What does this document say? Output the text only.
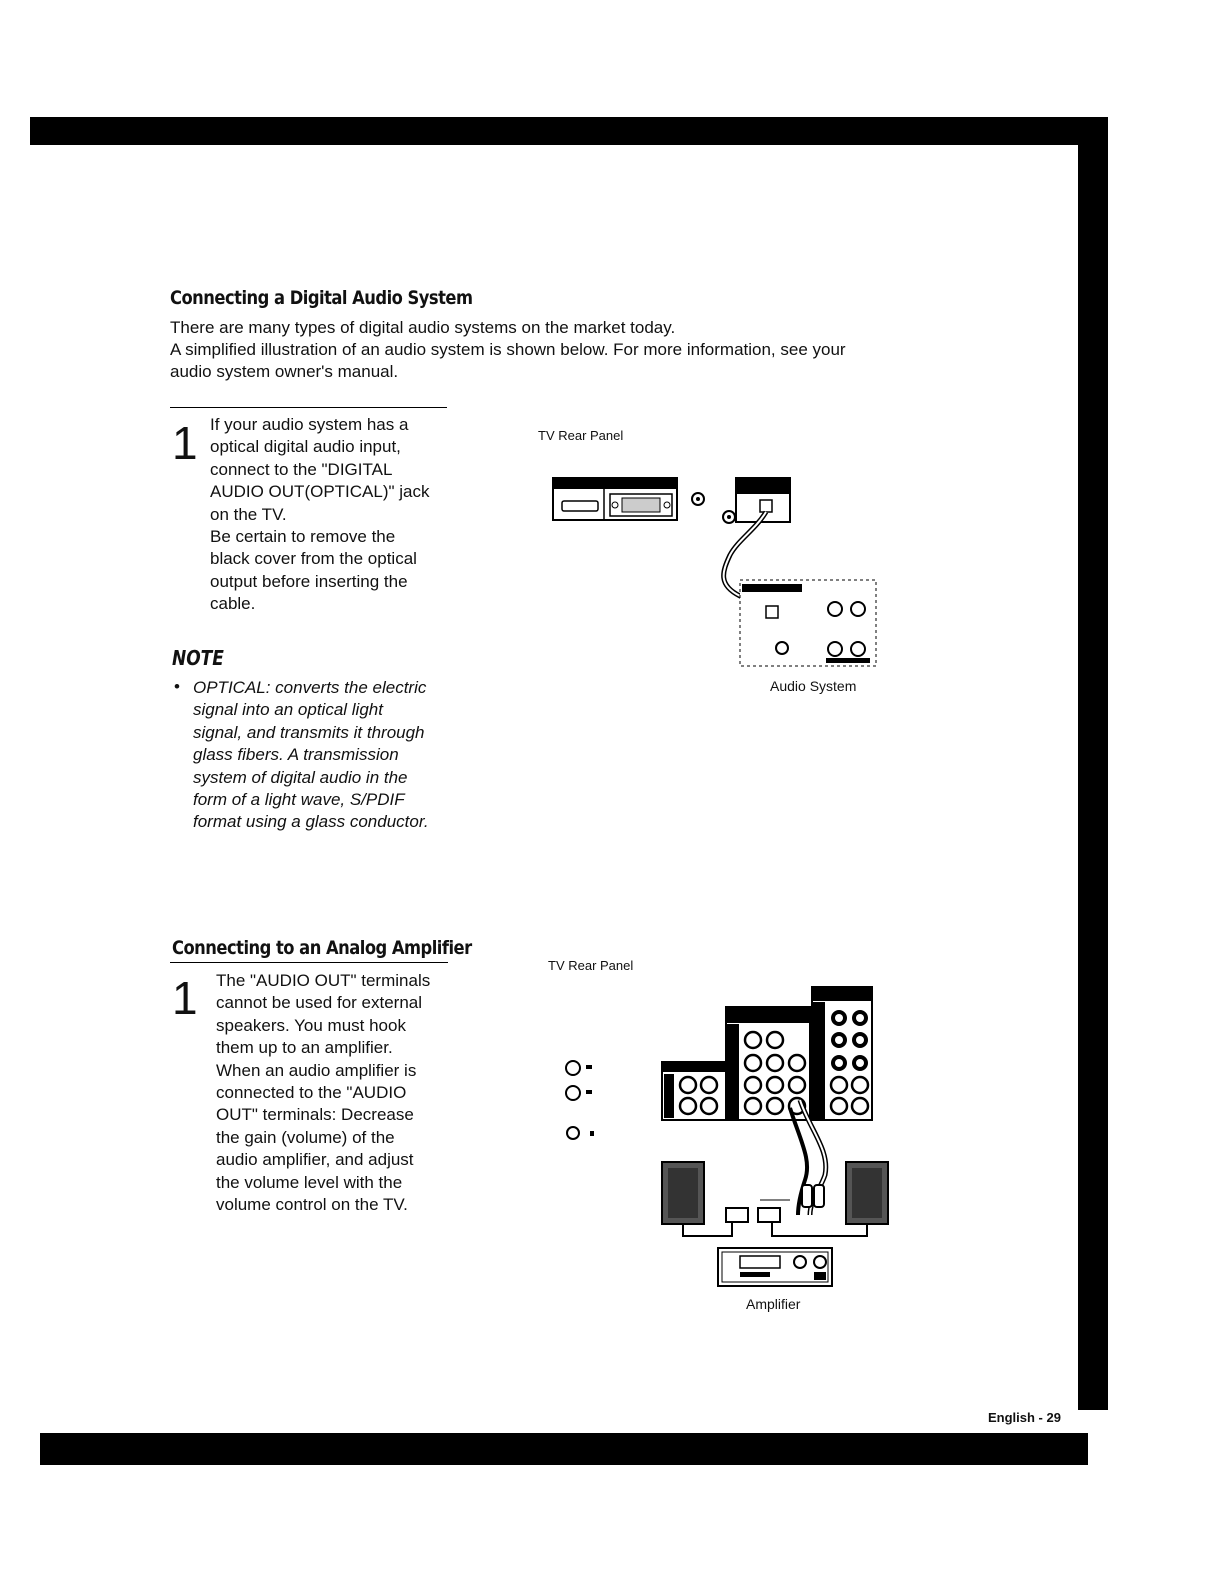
Connecting a Digital Audio System
There are many types of digital audio systems on the market today.
A simplified illustration of an audio system is shown below. For more information, see your
audio system owner's manual.
1 If your audio system has a
optical digital audio input,
connect to the "DIGITAL
AUDIO OUT(OPTICAL)" jack
on the TV.
Be certain to remove the
black cover from the optical
output before inserting the
cable.
NOTE
• OPTICAL: converts the electric
signal into an optical light
signal, and transmits it through
glass fibers. A transmission
system of digital audio in the
form of a light wave, S/PDIF
format using a glass conductor.
TV Rear Panel
Audio System
Connecting to an Analog Amplifier
1 The "AUDIO OUT" terminals
cannot be used for external
speakers. You must hook
them up to an amplifier.
When an audio amplifier is
connected to the "AUDIO
OUT" terminals: Decrease
the gain (volume) of the
audio amplifier, and adjust
the volume level with the
volume control on the TV.
TV Rear Panel
Amplifier
English - 29
